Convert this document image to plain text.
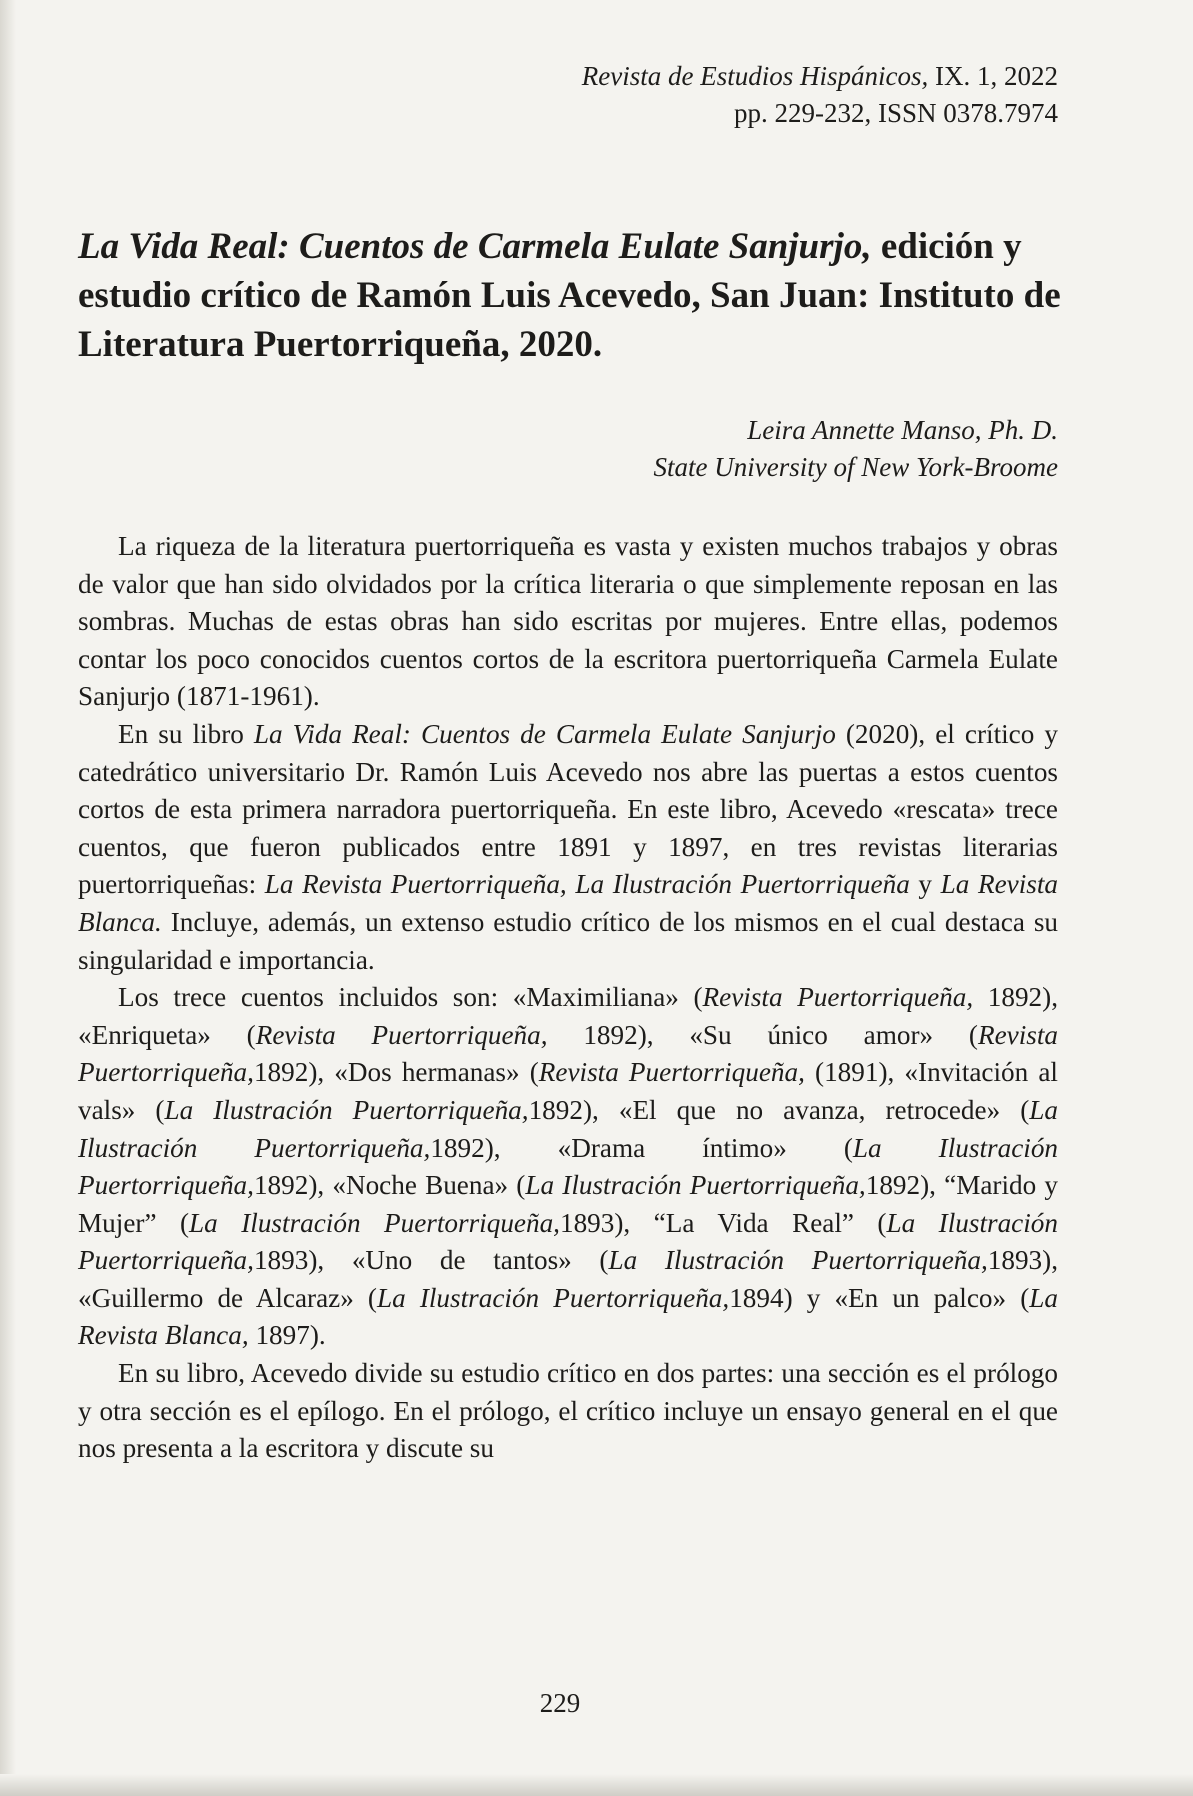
Revista de Estudios Hispánicos, IX. 1, 2022
pp. 229-232, ISSN 0378.7974
La Vida Real: Cuentos de Carmela Eulate Sanjurjo, edición y estudio crítico de Ramón Luis Acevedo, San Juan: Instituto de Literatura Puertorriqueña, 2020.
Leira Annette Manso, Ph. D.
State University of New York-Broome

La riqueza de la literatura puertorriqueña es vasta y existen muchos trabajos y obras de valor que han sido olvidados por la crítica literaria o que simplemente reposan en las sombras. Muchas de estas obras han sido escritas por mujeres. Entre ellas, podemos contar los poco conocidos cuentos cortos de la escritora puertorriqueña Carmela Eulate Sanjurjo (1871-1961).

En su libro La Vida Real: Cuentos de Carmela Eulate Sanjurjo (2020), el crítico y catedrático universitario Dr. Ramón Luis Acevedo nos abre las puertas a estos cuentos cortos de esta primera narradora puertorriqueña. En este libro, Acevedo «rescata» trece cuentos, que fueron publicados entre 1891 y 1897, en tres revistas literarias puertorriqueñas: La Revista Puertorriqueña, La Ilustración Puertorriqueña y La Revista Blanca. Incluye, además, un extenso estudio crítico de los mismos en el cual destaca su singularidad e importancia.

Los trece cuentos incluidos son: «Maximiliana» (Revista Puertorriqueña, 1892), «Enriqueta» (Revista Puertorriqueña, 1892), «Su único amor» (Revista Puertorriqueña,1892), «Dos hermanas» (Revista Puertorriqueña, (1891), «Invitación al vals» (La Ilustración Puertorriqueña,1892), «El que no avanza, retrocede» (La Ilustración Puertorriqueña,1892), «Drama íntimo» (La Ilustración Puertorriqueña,1892), «Noche Buena» (La Ilustración Puertorriqueña,1892), “Marido y Mujer” (La Ilustración Puertorriqueña,1893), “La Vida Real” (La Ilustración Puertorriqueña,1893), «Uno de tantos» (La Ilustración Puertorriqueña,1893), «Guillermo de Alcaraz» (La Ilustración Puertorriqueña,1894) y «En un palco» (La Revista Blanca, 1897).

En su libro, Acevedo divide su estudio crítico en dos partes: una sección es el prólogo y otra sección es el epílogo. En el prólogo, el crítico incluye un ensayo general en el que nos presenta a la escritora y discute su

229
